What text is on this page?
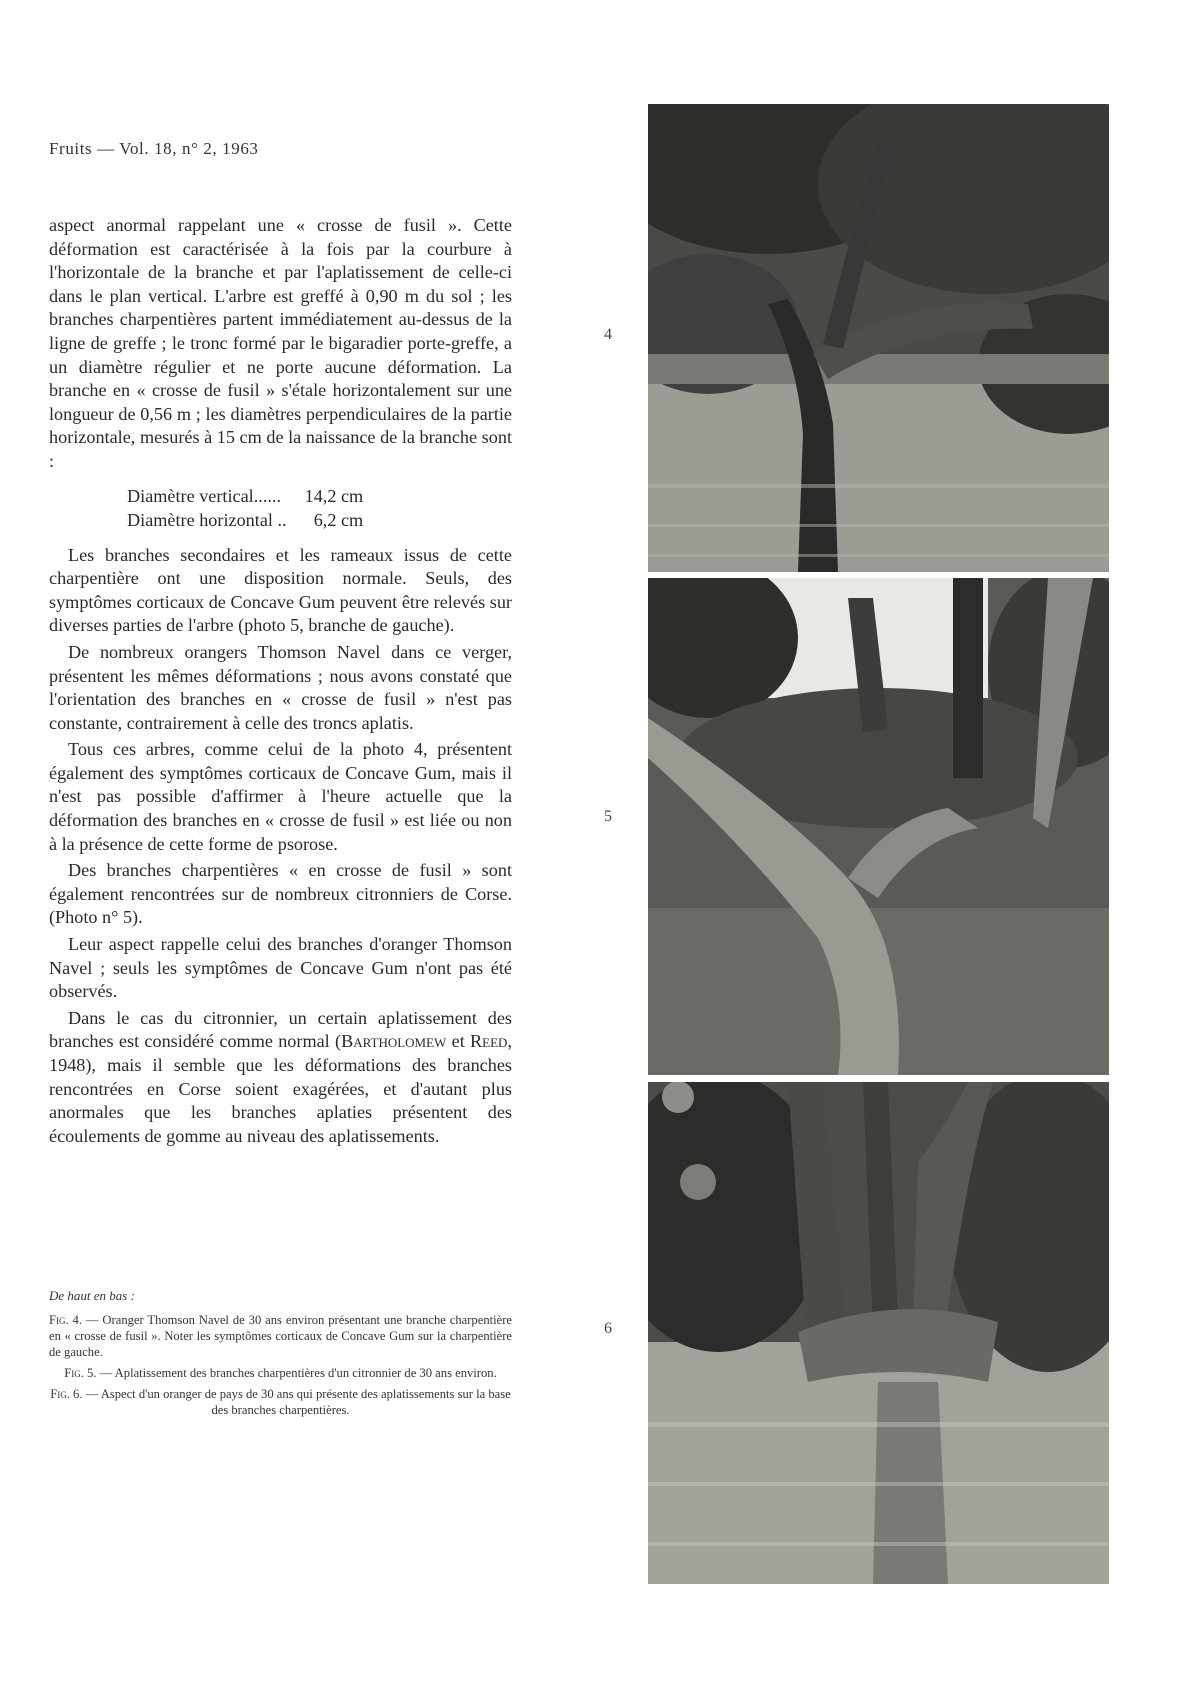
Fruits — Vol. 18, n° 2, 1963

aspect anormal rappelant une « crosse de fusil ». Cette déformation est caractérisée à la fois par la courbure à l'horizontale de la branche et par l'aplatissement de celle-ci dans le plan vertical. L'arbre est greffé à 0,90 m du sol ; les branches charpentières partent immédiatement au-dessus de la ligne de greffe ; le tronc formé par le bigaradier porte-greffe, a un diamètre régulier et ne porte aucune déformation. La branche en « crosse de fusil » s'étale horizontalement sur une longueur de 0,56 m ; les diamètres perpendiculaires de la partie horizontale, mesurés à 15 cm de la naissance de la branche sont :

Diamètre vertical......	14,2 cm
Diamètre horizontal ..	6,2 cm

Les branches secondaires et les rameaux issus de cette charpentière ont une disposition normale. Seuls, des symptômes corticaux de Concave Gum peuvent être relevés sur diverses parties de l'arbre (photo 5, branche de gauche).

De nombreux orangers Thomson Navel dans ce verger, présentent les mêmes déformations ; nous avons constaté que l'orientation des branches en « crosse de fusil » n'est pas constante, contrairement à celle des troncs aplatis.

Tous ces arbres, comme celui de la photo 4, présentent également des symptômes corticaux de Concave Gum, mais il n'est pas possible d'affirmer à l'heure actuelle que la déformation des branches en « crosse de fusil » est liée ou non à la présence de cette forme de psorose.

Des branches charpentières « en crosse de fusil » sont également rencontrées sur de nombreux citronniers de Corse. (Photo n° 5).

Leur aspect rappelle celui des branches d'oranger Thomson Navel ; seuls les symptômes de Concave Gum n'ont pas été observés.

Dans le cas du citronnier, un certain aplatissement des branches est considéré comme normal (Bartholomew et Reed, 1948), mais il semble que les déformations des branches rencontrées en Corse soient exagérées, et d'autant plus anormales que les branches aplaties présentent des écoulements de gomme au niveau des aplatissements.

De haut en bas :

Fig. 4. — Oranger Thomson Navel de 30 ans environ présentant une branche charpentière en « crosse de fusil ». Noter les symptômes corticaux de Concave Gum sur la charpentière de gauche.

Fig. 5. — Aplatissement des branches charpentières d'un citronnier de 30 ans environ.

Fig. 6. — Aspect d'un oranger de pays de 30 ans qui présente des aplatissements sur la base des branches charpentières.

4
5
6
